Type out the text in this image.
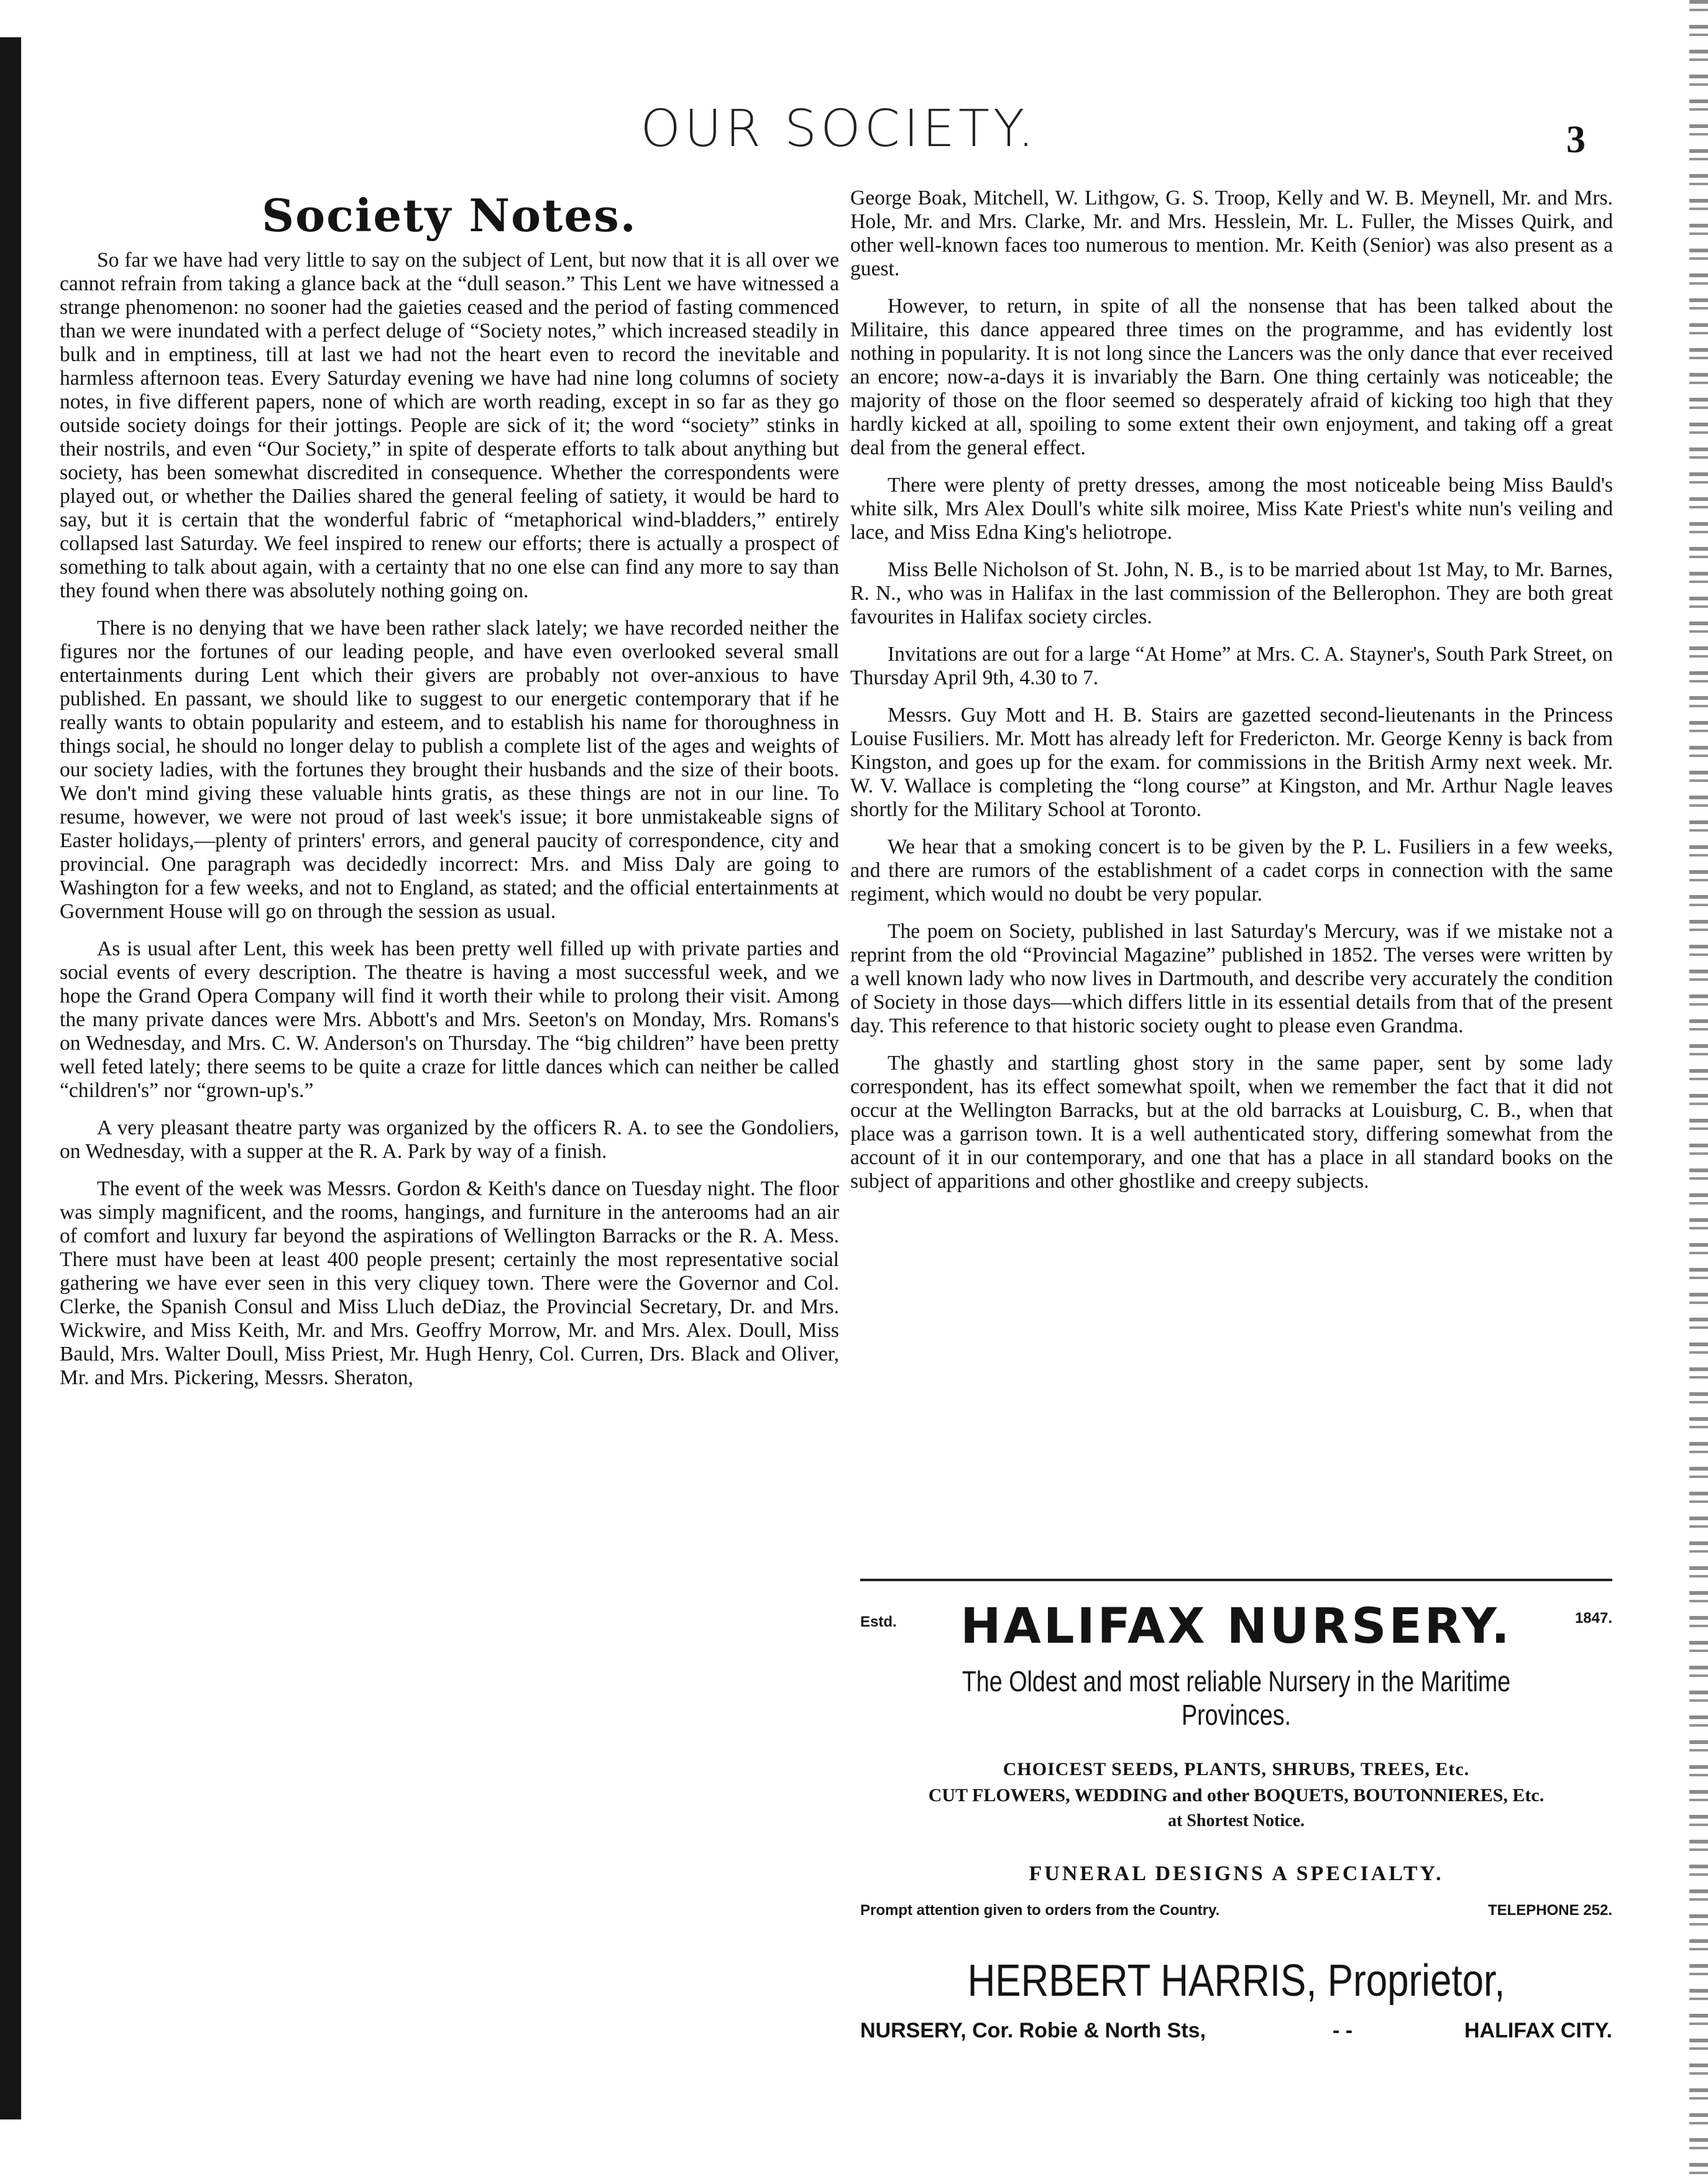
OUR SOCIETY.	3
Society Notes.

So far we have had very little to say on the subject of Lent, but now that it is all over we cannot refrain from taking a glance back at the “dull season.” This Lent we have witnessed a strange phenomenon: no sooner had the gaieties ceased and the period of fasting commenced than we were inundated with a perfect deluge of “Society notes,” which increased steadily in bulk and in emptiness, till at last we had not the heart even to record the inevitable and harmless afternoon teas. Every Saturday evening we have had nine long columns of society notes, in five different papers, none of which are worth reading, except in so far as they go outside society doings for their jottings. People are sick of it; the word “society” stinks in their nostrils, and even “Our Society,” in spite of desperate efforts to talk about anything but society, has been somewhat discredited in consequence. Whether the correspondents were played out, or whether the Dailies shared the general feeling of satiety, it would be hard to say, but it is certain that the wonderful fabric of “metaphorical wind-bladders,” entirely collapsed last Saturday. We feel inspired to renew our efforts; there is actually a prospect of something to talk about again, with a certainty that no one else can find any more to say than they found when there was absolutely nothing going on.

There is no denying that we have been rather slack lately; we have recorded neither the figures nor the fortunes of our leading people, and have even overlooked several small entertainments during Lent which their givers are probably not over-anxious to have published. En passant, we should like to suggest to our energetic contemporary that if he really wants to obtain popularity and esteem, and to establish his name for thoroughness in things social, he should no longer delay to publish a complete list of the ages and weights of our society ladies, with the fortunes they brought their husbands and the size of their boots. We don't mind giving these valuable hints gratis, as these things are not in our line. To resume, however, we were not proud of last week's issue; it bore unmistakeable signs of Easter holidays,—plenty of printers' errors, and general paucity of correspondence, city and provincial. One paragraph was decidedly incorrect: Mrs. and Miss Daly are going to Washington for a few weeks, and not to England, as stated; and the official entertainments at Government House will go on through the session as usual.

As is usual after Lent, this week has been pretty well filled up with private parties and social events of every description. The theatre is having a most successful week, and we hope the Grand Opera Company will find it worth their while to prolong their visit. Among the many private dances were Mrs. Abbott's and Mrs. Seeton's on Monday, Mrs. Romans's on Wednesday, and Mrs. C. W. Anderson's on Thursday. The “big children” have been pretty well feted lately; there seems to be quite a craze for little dances which can neither be called “children's” nor “grown-up's.”

A very pleasant theatre party was organized by the officers R. A. to see the Gondoliers, on Wednesday, with a supper at the R. A. Park by way of a finish.

The event of the week was Messrs. Gordon & Keith's dance on Tuesday night. The floor was simply magnificent, and the rooms, hangings, and furniture in the anterooms had an air of comfort and luxury far beyond the aspirations of Wellington Barracks or the R. A. Mess. There must have been at least 400 people present; certainly the most representative social gathering we have ever seen in this very cliquey town. There were the Governor and Col. Clerke, the Spanish Consul and Miss Lluch deDiaz, the Provincial Secretary, Dr. and Mrs. Wickwire, and Miss Keith, Mr. and Mrs. Geoffry Morrow, Mr. and Mrs. Alex. Doull, Miss Bauld, Mrs. Walter Doull, Miss Priest, Mr. Hugh Henry, Col. Curren, Drs. Black and Oliver, Mr. and Mrs. Pickering, Messrs. Sheraton,

George Boak, Mitchell, W. Lithgow, G. S. Troop, Kelly and W. B. Meynell, Mr. and Mrs. Hole, Mr. and Mrs. Clarke, Mr. and Mrs. Hesslein, Mr. L. Fuller, the Misses Quirk, and other well-known faces too numerous to mention. Mr. Keith (Senior) was also present as a guest.

However, to return, in spite of all the nonsense that has been talked about the Militaire, this dance appeared three times on the programme, and has evidently lost nothing in popularity. It is not long since the Lancers was the only dance that ever received an encore; now-a-days it is invariably the Barn. One thing certainly was noticeable; the majority of those on the floor seemed so desperately afraid of kicking too high that they hardly kicked at all, spoiling to some extent their own enjoyment, and taking off a great deal from the general effect.

There were plenty of pretty dresses, among the most noticeable being Miss Bauld's white silk, Mrs Alex Doull's white silk moiree, Miss Kate Priest's white nun's veiling and lace, and Miss Edna King's heliotrope.

Miss Belle Nicholson of St. John, N. B., is to be married about 1st May, to Mr. Barnes, R. N., who was in Halifax in the last commission of the Bellerophon. They are both great favourites in Halifax society circles.

Invitations are out for a large “At Home” at Mrs. C. A. Stayner's, South Park Street, on Thursday April 9th, 4.30 to 7.

Messrs. Guy Mott and H. B. Stairs are gazetted second-lieutenants in the Princess Louise Fusiliers. Mr. Mott has already left for Fredericton. Mr. George Kenny is back from Kingston, and goes up for the exam. for commissions in the British Army next week. Mr. W. V. Wallace is completing the “long course” at Kingston, and Mr. Arthur Nagle leaves shortly for the Military School at Toronto.

We hear that a smoking concert is to be given by the P. L. Fusiliers in a few weeks, and there are rumors of the establishment of a cadet corps in connection with the same regiment, which would no doubt be very popular.

The poem on Society, published in last Saturday's Mercury, was if we mistake not a reprint from the old “Provincial Magazine” published in 1852. The verses were written by a well known lady who now lives in Dartmouth, and describe very accurately the condition of Society in those days—which differs little in its essential details from that of the present day. This reference to that historic society ought to please even Grandma.

The ghastly and startling ghost story in the same paper, sent by some lady correspondent, has its effect somewhat spoilt, when we remember the fact that it did not occur at the Wellington Barracks, but at the old barracks at Louisburg, C. B., when that place was a garrison town. It is a well authenticated story, differing somewhat from the account of it in our contemporary, and one that has a place in all standard books on the subject of apparitions and other ghostlike and creepy subjects.

Estd.	HALIFAX NURSERY.	1847.
The Oldest and most reliable Nursery in the Maritime Provinces.
CHOICEST SEEDS, PLANTS, SHRUBS, TREES, Etc.
CUT FLOWERS, WEDDING and other BOQUETS, BOUTONNIERES, Etc.
at Shortest Notice.
FUNERAL DESIGNS A SPECIALTY.
Prompt attention given to orders from the Country.	TELEPHONE 252.
HERBERT HARRIS, Proprietor,
NURSERY, Cor. Robie & North Sts,	- -	HALIFAX CITY.
